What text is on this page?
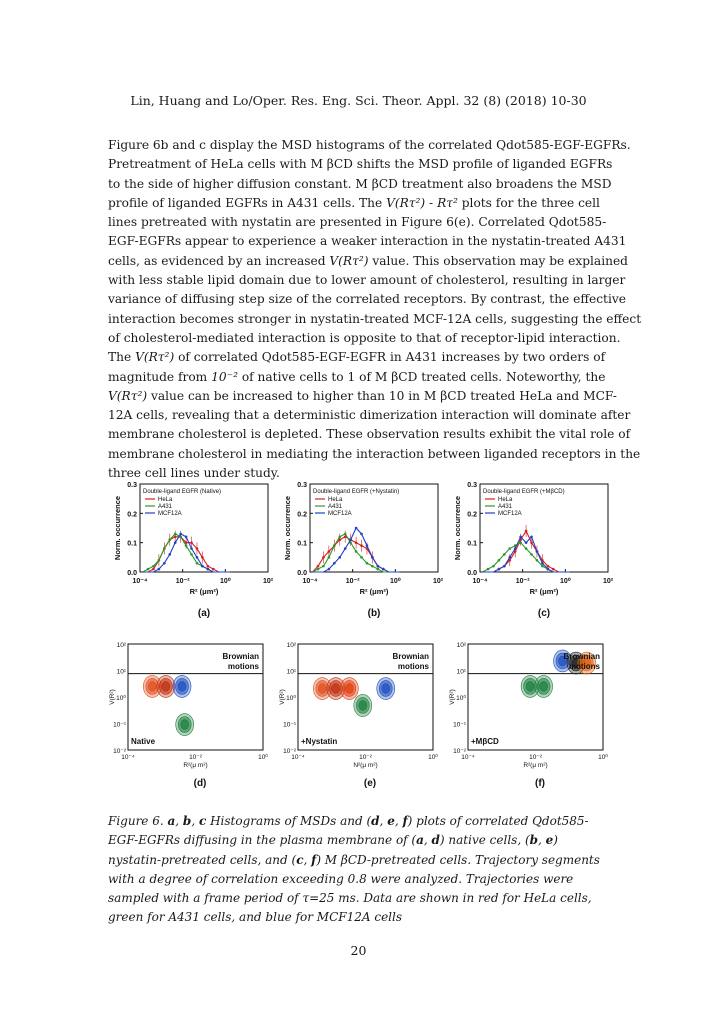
Lin, Huang and Lo/Oper. Res. Eng. Sci. Theor. Appl. 32 (8) (2018) 10-30
Figure 6b and c display the MSD histograms of the correlated Qdot585-EGF-EGFRs.
Pretreatment of HeLa cells with M βCD shifts the MSD profile of liganded EGFRs
to the side of higher diffusion constant. M βCD treatment also broadens the MSD
profile of liganded EGFRs in A431 cells. The V(Rτ²) - Rτ² plots for the three cell
lines pretreated with nystatin are presented in Figure 6(e). Correlated Qdot585-
EGF-EGFRs appear to experience a weaker interaction in the nystatin-treated A431
cells, as evidenced by an increased V(Rτ²) value. This observation may be explained
with less stable lipid domain due to lower amount of cholesterol, resulting in larger
variance of diffusing step size of the correlated receptors. By contrast, the effective
interaction becomes stronger in nystatin-treated MCF-12A cells, suggesting the effect
of cholesterol-mediated interaction is opposite to that of receptor-lipid interaction.
The V(Rτ²) of correlated Qdot585-EGF-EGFR in A431 increases by two orders of
magnitude from 10⁻² of native cells to 1 of M βCD treated cells. Noteworthy, the
V(Rτ²) value can be increased to higher than 10 in M βCD treated HeLa and MCF-
12A cells, revealing that a deterministic dimerization interaction will dominate after
membrane cholesterol is depleted. These observation results exhibit the vital role of
membrane cholesterol in mediating the interaction between liganded receptors in the
three cell lines under study.
0.0
0.1
0.2
0.3
10⁻⁴	10⁻²	10⁰	10²
R² (μm²)
Norm. occurrence
Double-ligand EGFR (Native)
HeLa
A431
MCF12A
(a)
0.0
0.1
0.2
0.3
10⁻⁴	10⁻²	10⁰	10²
R² (μm²)
Norm. occurrence
Double-ligand EGFR (+Nystatin)
HeLa
A431
MCF12A
(b)
0.0
0.1
0.2
0.3
10⁻⁴	10⁻²	10⁰	10²
R² (μm²)
Norm. occurrence
Double-ligand EGFR (+MβCD)
HeLa
A431
MCF12A
(c)
10²
10¹
10⁰
10⁻¹
10⁻²
10⁻⁴	10⁻²	10⁰
R²(μ m²)
V(R²)
Brownian
motions
Native
(d)
10²
10¹
10⁰
10⁻¹
10⁻²
10⁻⁴	10⁻²	10⁰
N²(μ m²)
V(R²)
Brownian
motions
+Nystatin
(e)
10²
10¹
10⁰
10⁻¹
10⁻²
10⁻⁴	10⁻²	10⁰
R²(μ m²)
V(R²)
Brownian
motions
+MβCD
(f)

Figure 6. a, b, c Histograms of MSDs and (d, e, f) plots of correlated Qdot585-EGF-EGFRs diffusing in the plasma membrane of (a, d) native cells, (b, e) nystatin-pretreated cells, and (c, f) M βCD-pretreated cells. Trajectory segments with a degree of correlation exceeding 0.8 were analyzed. Trajectories were sampled with a frame period of τ=25 ms. Data are shown in red for HeLa cells, green for A431 cells, and blue for MCF12A cells

20
